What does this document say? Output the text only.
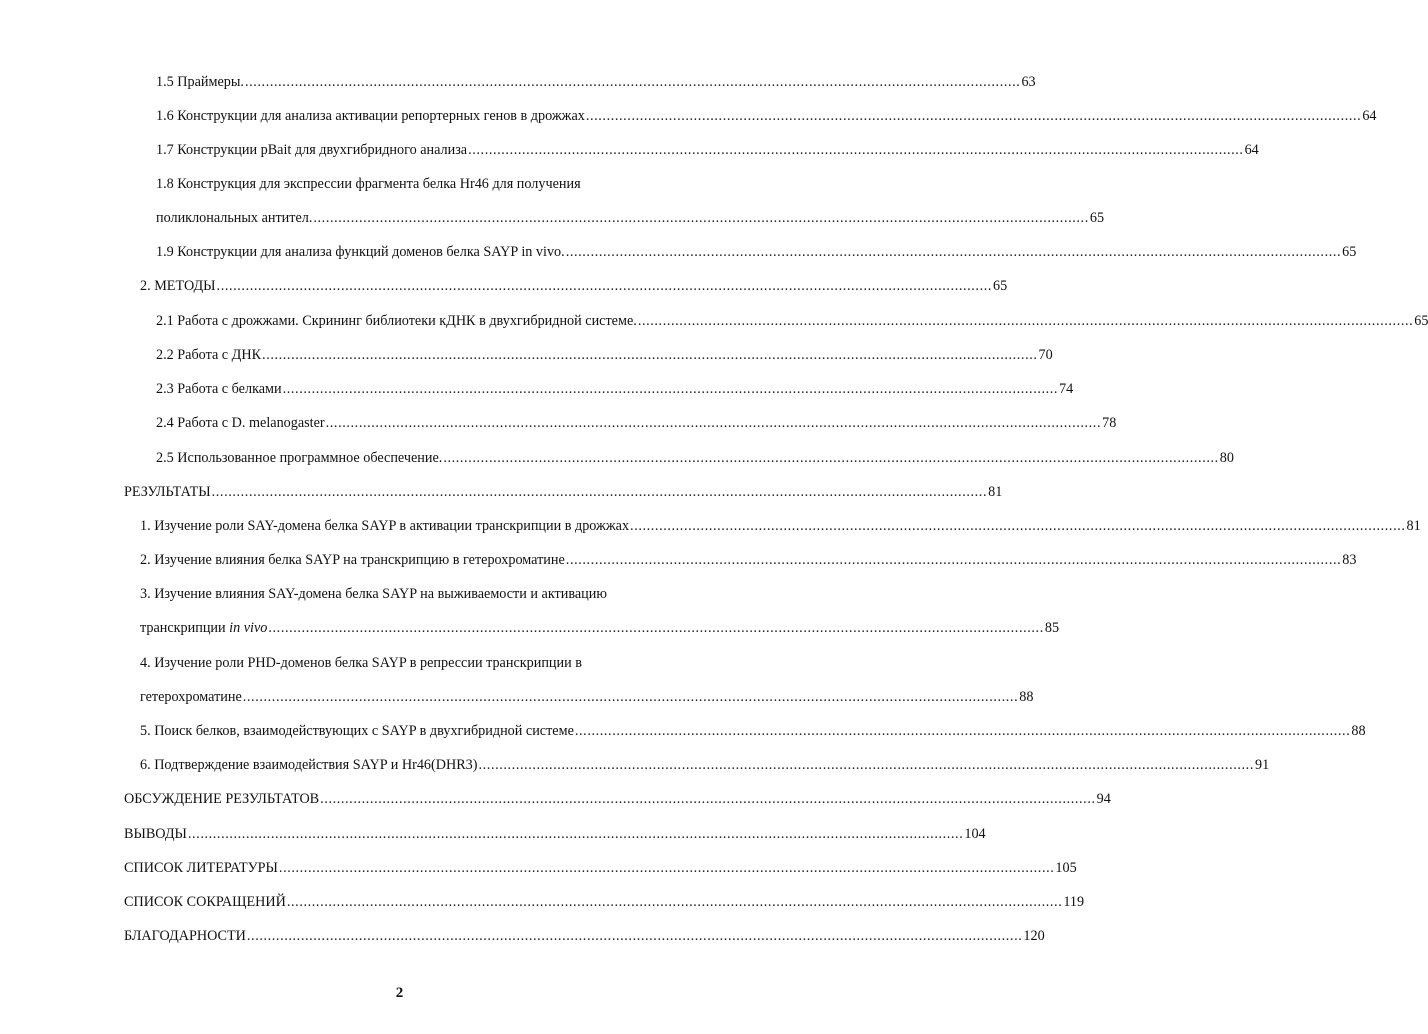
1.5 Праймеры. ........................................................................................................................................................................................... 63
1.6 Конструкции для анализа активации репортерных генов в дрожжах ........................................................................................................................................................................................... 64
1.7 Конструкции pBait для двухгибридного анализа ........................................................................................................................................................................................... 64
1.8 Конструкция для экспрессии фрагмента белка Hr46 для получения
поликлональных антител. ........................................................................................................................................................................................... 65
1.9 Конструкции для анализа функций доменов белка SAYP in vivo. ........................................................................................................................................................................................... 65
2. МЕТОДЫ ........................................................................................................................................................................................... 65
2.1 Работа с дрожжами. Скрининг библиотеки кДНК в двухгибридной системе. ........................................................................................................................................................................................... 65
2.2 Работа с ДНК ........................................................................................................................................................................................... 70
2.3 Работа с белками ........................................................................................................................................................................................... 74
2.4 Работа с D. melanogaster ........................................................................................................................................................................................... 78
2.5 Использованное программное обеспечение. ........................................................................................................................................................................................... 80
РЕЗУЛЬТАТЫ ........................................................................................................................................................................................... 81
1. Изучение роли SAY-домена белка SAYP в активации транскрипции в дрожжах ........................................................................................................................................................................................... 81
2. Изучение влияния белка SAYP на транскрипцию в гетерохроматине ........................................................................................................................................................................................... 83
3. Изучение влияния SAY-домена белка SAYP на выживаемости и активацию
транскрипции in vivo ........................................................................................................................................................................................... 85
4. Изучение роли PHD-доменов белка SAYP в репрессии транскрипции в
гетерохроматине ........................................................................................................................................................................................... 88
5. Поиск белков, взаимодействующих с SAYP в двухгибридной системе ........................................................................................................................................................................................... 88
6. Подтверждение взаимодействия SAYP и Hr46(DHR3) ........................................................................................................................................................................................... 91
ОБСУЖДЕНИЕ РЕЗУЛЬТАТОВ ........................................................................................................................................................................................... 94
ВЫВОДЫ ........................................................................................................................................................................................... 104
СПИСОК ЛИТЕРАТУРЫ ........................................................................................................................................................................................... 105
СПИСОК СОКРАЩЕНИЙ ........................................................................................................................................................................................... 119
БЛАГОДАРНОСТИ ........................................................................................................................................................................................... 120
2
